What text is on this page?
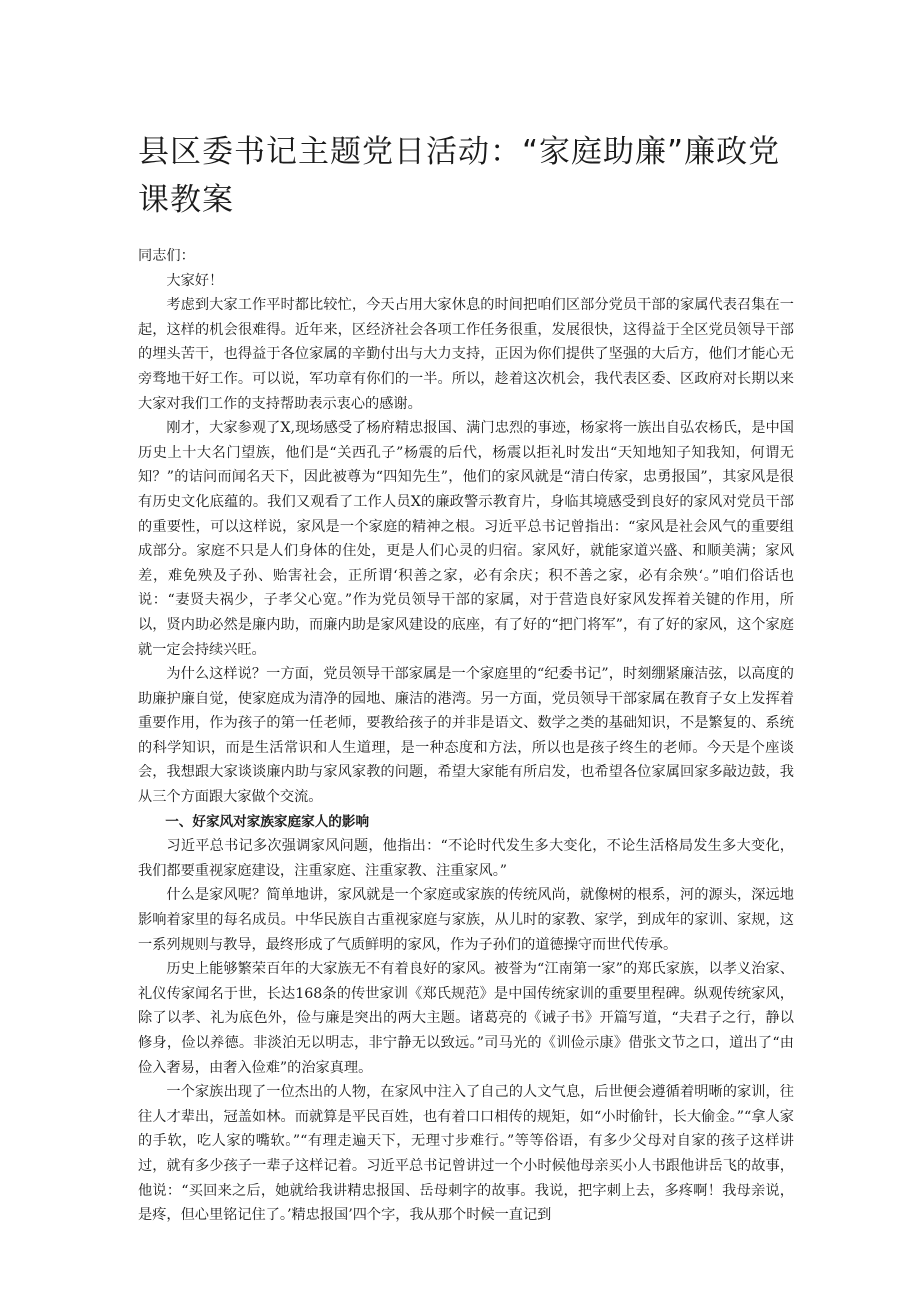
县区委书记主题党日活动：“家庭助廉”廉政党课教案

同志们：

大家好！

考虑到大家工作平时都比较忙，今天占用大家休息的时间把咱们区部分党员干部的家属代表召集在一起，这样的机会很难得。近年来，区经济社会各项工作任务很重，发展很快，这得益于全区党员领导干部的埋头苦干，也得益于各位家属的辛勤付出与大力支持，正因为你们提供了坚强的大后方，他们才能心无旁骛地干好工作。可以说，军功章有你们的一半。所以，趁着这次机会，我代表区委、区政府对长期以来大家对我们工作的支持帮助表示衷心的感谢。

刚才，大家参观了X,现场感受了杨府精忠报国、满门忠烈的事迹，杨家将一族出自弘农杨氏，是中国历史上十大名门望族，他们是“关西孔子”杨震的后代，杨震以拒礼时发出“天知地知子知我知，何谓无知？”的诘问而闻名天下，因此被尊为“四知先生”，他们的家风就是“清白传家，忠勇报国”，其家风是很有历史文化底蕴的。我们又观看了工作人员X的廉政警示教育片，身临其境感受到良好的家风对党员干部的重要性，可以这样说，家风是一个家庭的精神之根。习近平总书记曾指出：“家风是社会风气的重要组成部分。家庭不只是人们身体的住处，更是人们心灵的归宿。家风好，就能家道兴盛、和顺美满；家风差，难免殃及子孙、贻害社会，正所谓‘积善之家，必有余庆；积不善之家，必有余殃‘。”咱们俗话也说：“妻贤夫祸少，子孝父心宽。”作为党员领导干部的家属，对于营造良好家风发挥着关键的作用，所以，贤内助必然是廉内助，而廉内助是家风建设的底座，有了好的“把门将军”，有了好的家风，这个家庭就一定会持续兴旺。

为什么这样说？一方面，党员领导干部家属是一个家庭里的“纪委书记”，时刻绷紧廉洁弦，以高度的助廉护廉自觉，使家庭成为清净的园地、廉洁的港湾。另一方面，党员领导干部家属在教育子女上发挥着重要作用，作为孩子的第一任老师，要教给孩子的并非是语文、数学之类的基础知识，不是繁复的、系统的科学知识，而是生活常识和人生道理，是一种态度和方法，所以也是孩子终生的老师。今天是个座谈会，我想跟大家谈谈廉内助与家风家教的问题，希望大家能有所启发，也希望各位家属回家多敲边鼓，我从三个方面跟大家做个交流。

一、好家风对家族家庭家人的影响

习近平总书记多次强调家风问题，他指出：“不论时代发生多大变化，不论生活格局发生多大变化，我们都要重视家庭建设，注重家庭、注重家教、注重家风。”

什么是家风呢？简单地讲，家风就是一个家庭或家族的传统风尚，就像树的根系，河的源头，深远地影响着家里的每名成员。中华民族自古重视家庭与家族，从儿时的家教、家学，到成年的家训、家规，这一系列规则与教导，最终形成了气质鲜明的家风，作为子孙们的道德操守而世代传承。

历史上能够繁荣百年的大家族无不有着良好的家风。被誉为“江南第一家”的郑氏家族，以孝义治家、礼仪传家闻名于世，长达168条的传世家训《郑氏规范》是中国传统家训的重要里程碑。纵观传统家风，除了以孝、礼为底色外，俭与廉是突出的两大主题。诸葛亮的《诫子书》开篇写道，“夫君子之行，静以修身，俭以养德。非淡泊无以明志，非宁静无以致远。”司马光的《训俭示康》借张文节之口，道出了“由俭入奢易，由奢入俭难”的治家真理。

一个家族出现了一位杰出的人物，在家风中注入了自己的人文气息，后世便会遵循着明晰的家训，往往人才辈出，冠盖如林。而就算是平民百姓，也有着口口相传的规矩，如“小时偷针，长大偷金。”“拿人家的手软，吃人家的嘴软。”“有理走遍天下，无理寸步难行。”等等俗语，有多少父母对自家的孩子这样讲过，就有多少孩子一辈子这样记着。习近平总书记曾讲过一个小时候他母亲买小人书跟他讲岳飞的故事，他说：“买回来之后，她就给我讲精忠报国、岳母刺字的故事。我说，把字刺上去，多疼啊！我母亲说，是疼，但心里铭记住了。’精忠报国’四个字，我从那个时候一直记到
